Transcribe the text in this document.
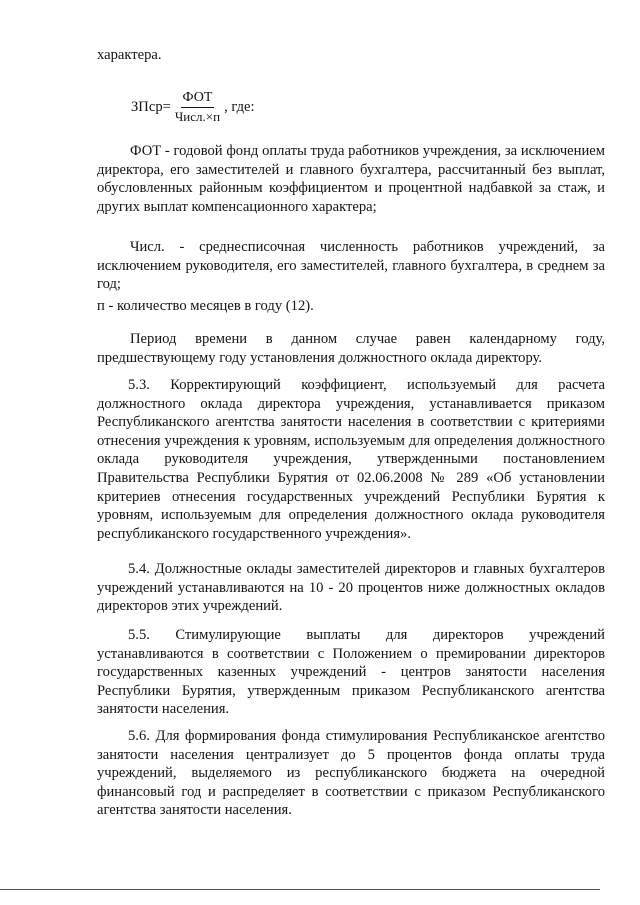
характера.

ЗПср= $\frac{\text{ФОТ}}{\text{Числ.×п}}$ , где:

ФОТ - годовой фонд оплаты труда работников учреждения, за исключением директора, его заместителей и главного бухгалтера, рассчитанный без выплат, обусловленных районным коэффициентом и процентной надбавкой за стаж, и других выплат компенсационного характера;

Числ. - среднесписочная численность работников учреждений, за исключением руководителя, его заместителей, главного бухгалтера, в среднем за год;

п - количество месяцев в году (12).

Период времени в данном случае равен календарному году, предшествующему году установления должностного оклада директору.

5.3. Корректирующий коэффициент, используемый для расчета должностного оклада директора учреждения, устанавливается приказом Республиканского агентства занятости населения в соответствии с критериями отнесения учреждения к уровням, используемым для определения должностного оклада руководителя учреждения, утвержденными постановлением Правительства Республики Бурятия от 02.06.2008 № 289 «Об установлении критериев отнесения государственных учреждений Республики Бурятия к уровням, используемым для определения должностного оклада руководителя республиканского государственного учреждения».

5.4. Должностные оклады заместителей директоров и главных бухгалтеров учреждений устанавливаются на 10 - 20 процентов ниже должностных окладов директоров этих учреждений.

5.5. Стимулирующие выплаты для директоров учреждений устанавливаются в соответствии с Положением о премировании директоров государственных казенных учреждений - центров занятости населения Республики Бурятия, утвержденным приказом Республиканского агентства занятости населения.

5.6. Для формирования фонда стимулирования Республиканское агентство занятости населения централизует до 5 процентов фонда оплаты труда учреждений, выделяемого из республиканского бюджета на очередной финансовый год и распределяет в соответствии с приказом Республиканского агентства занятости населения.
